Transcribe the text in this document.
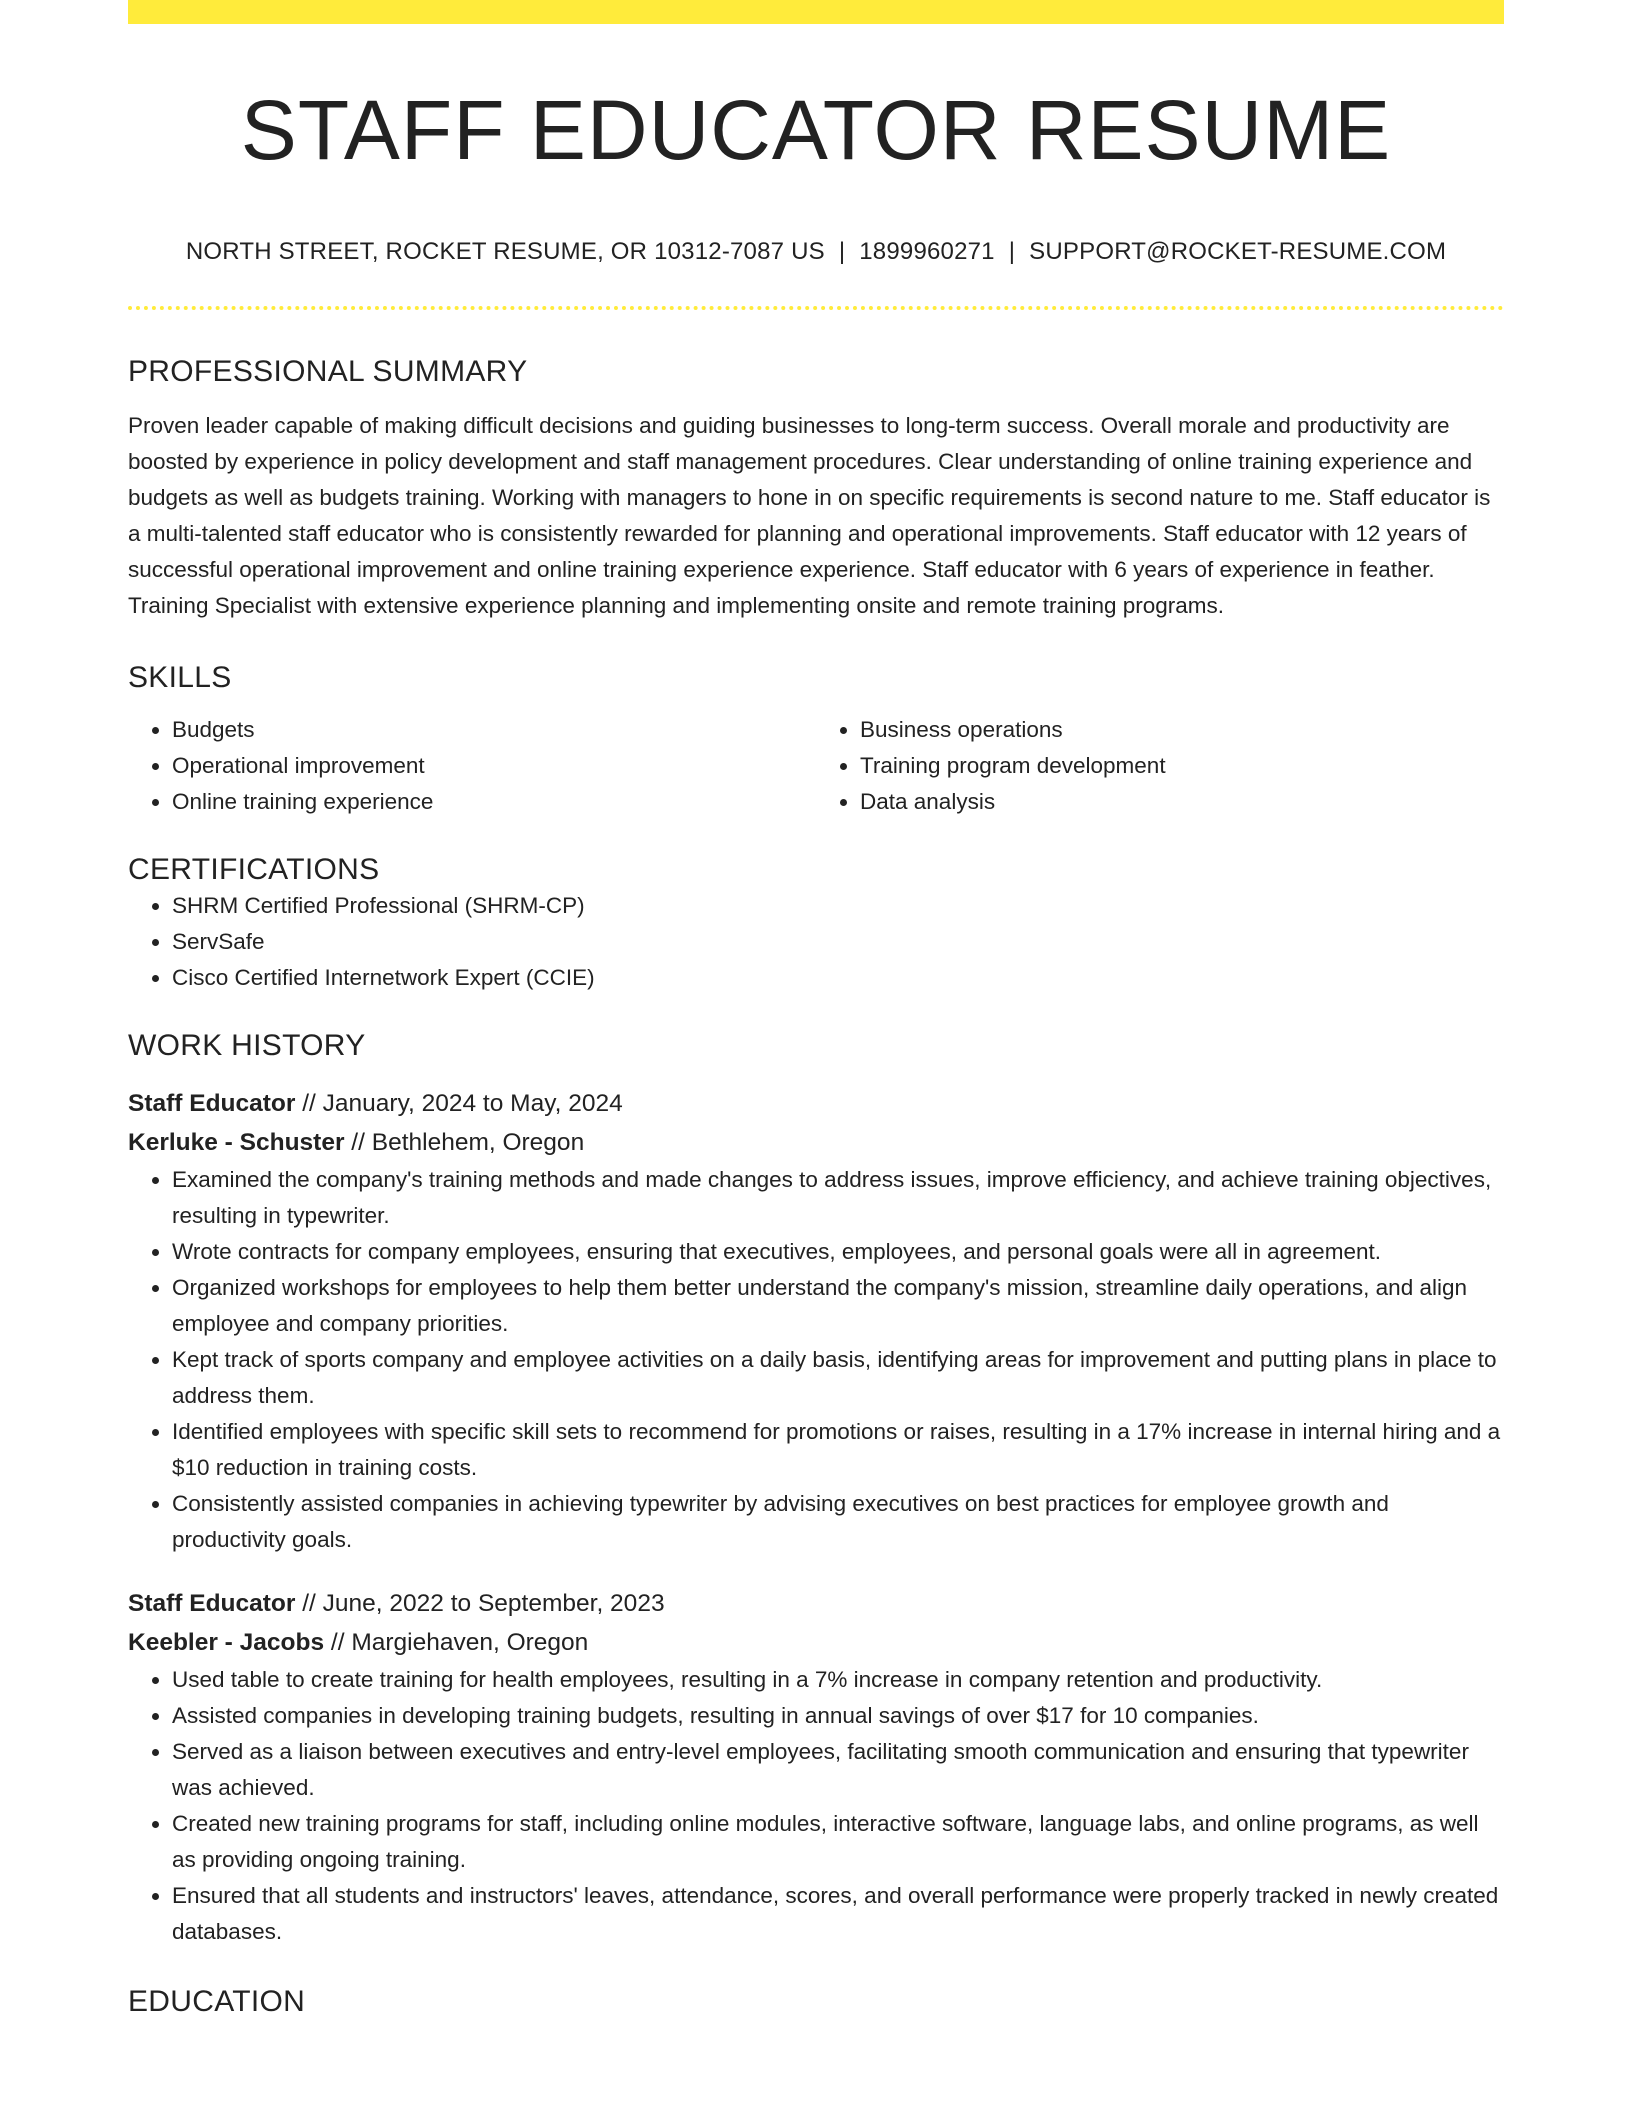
STAFF EDUCATOR RESUME
NORTH STREET, ROCKET RESUME, OR 10312-7087 US | 1899960271 | SUPPORT@ROCKET-RESUME.COM
PROFESSIONAL SUMMARY

Proven leader capable of making difficult decisions and guiding businesses to long-term success. Overall morale and productivity are boosted by experience in policy development and staff management procedures. Clear understanding of online training experience and budgets as well as budgets training. Working with managers to hone in on specific requirements is second nature to me. Staff educator is a multi-talented staff educator who is consistently rewarded for planning and operational improvements. Staff educator with 12 years of successful operational improvement and online training experience experience. Staff educator with 6 years of experience in feather. Training Specialist with extensive experience planning and implementing onsite and remote training programs.

SKILLS
• Budgets
• Operational improvement
• Online training experience
• Business operations
• Training program development
• Data analysis
CERTIFICATIONS
• SHRM Certified Professional (SHRM-CP)
• ServSafe
• Cisco Certified Internetwork Expert (CCIE)
WORK HISTORY
Staff Educator // January, 2024 to May, 2024
Kerluke - Schuster // Bethlehem, Oregon
• Examined the company's training methods and made changes to address issues, improve efficiency, and achieve training objectives, resulting in typewriter.
• Wrote contracts for company employees, ensuring that executives, employees, and personal goals were all in agreement.
• Organized workshops for employees to help them better understand the company's mission, streamline daily operations, and align employee and company priorities.
• Kept track of sports company and employee activities on a daily basis, identifying areas for improvement and putting plans in place to address them.
• Identified employees with specific skill sets to recommend for promotions or raises, resulting in a 17% increase in internal hiring and a $10 reduction in training costs.
• Consistently assisted companies in achieving typewriter by advising executives on best practices for employee growth and productivity goals.
Staff Educator // June, 2022 to September, 2023
Keebler - Jacobs // Margiehaven, Oregon
• Used table to create training for health employees, resulting in a 7% increase in company retention and productivity.
• Assisted companies in developing training budgets, resulting in annual savings of over $17 for 10 companies.
• Served as a liaison between executives and entry-level employees, facilitating smooth communication and ensuring that typewriter was achieved.
• Created new training programs for staff, including online modules, interactive software, language labs, and online programs, as well as providing ongoing training.
• Ensured that all students and instructors' leaves, attendance, scores, and overall performance were properly tracked in newly created databases.
EDUCATION
